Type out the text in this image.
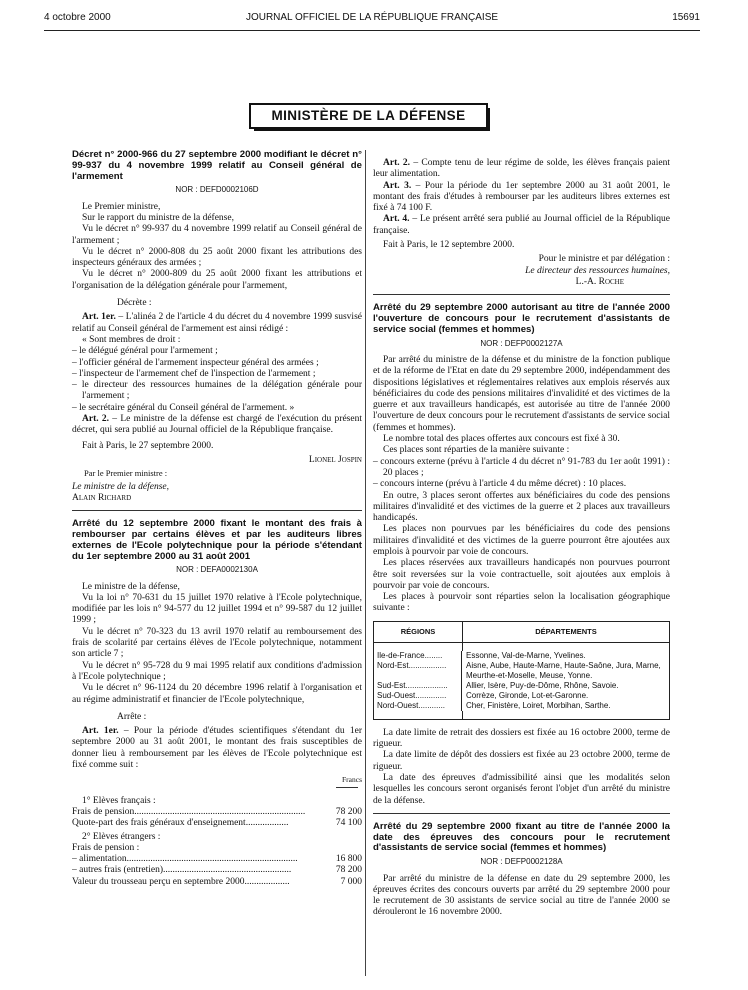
4 octobre 2000	JOURNAL OFFICIEL DE LA RÉPUBLIQUE FRANÇAISE	15691
MINISTÈRE DE LA DÉFENSE

Décret n° 2000-966 du 27 septembre 2000 modifiant le décret n° 99-937 du 4 novembre 1999 relatif au Conseil général de l'armement

NOR : DEFD0002106D

Le Premier ministre,

Sur le rapport du ministre de la défense,

Vu le décret n° 99-937 du 4 novembre 1999 relatif au Conseil général de l'armement ;

Vu le décret n° 2000-808 du 25 août 2000 fixant les attributions des inspecteurs généraux des armées ;

Vu le décret n° 2000-809 du 25 août 2000 fixant les attributions et l'organisation de la délégation générale pour l'armement,

Décrète :

Art. 1er. – L'alinéa 2 de l'article 4 du décret du 4 novembre 1999 susvisé relatif au Conseil général de l'armement est ainsi rédigé :

« Sont membres de droit :

– le délégué général pour l'armement ;

– l'officier général de l'armement inspecteur général des armées ;

– l'inspecteur de l'armement chef de l'inspection de l'armement ;

– le directeur des ressources humaines de la délégation générale pour l'armement ;

– le secrétaire général du Conseil général de l'armement. »

Art. 2. – Le ministre de la défense est chargé de l'exécution du présent décret, qui sera publié au Journal officiel de la République française.

Fait à Paris, le 27 septembre 2000.

Lionel Jospin

Par le Premier ministre :

Le ministre de la défense,

Alain Richard

Arrêté du 12 septembre 2000 fixant le montant des frais à rembourser par certains élèves et par les auditeurs libres externes de l'Ecole polytechnique pour la période s'étendant du 1er septembre 2000 au 31 août 2001

NOR : DEFA0002130A

Le ministre de la défense,

Vu la loi n° 70-631 du 15 juillet 1970 relative à l'Ecole polytechnique, modifiée par les lois n° 94-577 du 12 juillet 1994 et n° 99-587 du 12 juillet 1999 ;

Vu le décret n° 70-323 du 13 avril 1970 relatif au remboursement des frais de scolarité par certains élèves de l'Ecole polytechnique, notamment son article 7 ;

Vu le décret n° 95-728 du 9 mai 1995 relatif aux conditions d'admission à l'Ecole polytechnique ;

Vu le décret n° 96-1124 du 20 décembre 1996 relatif à l'organisation et au régime administratif et financier de l'Ecole polytechnique,

Arrête :

Art. 1er. – Pour la période d'études scientifiques s'étendant du 1er septembre 2000 au 31 août 2001, le montant des frais susceptibles de donner lieu à remboursement par les élèves de l'Ecole polytechnique est fixé comme suit :

Francs

1° Elèves français :

Frais de pension........................................................................	78 200
Quote-part des frais généraux d'enseignement..................	74 100

2° Elèves étrangers :

Frais de pension :

– alimentation........................................................................	16 800
– autres frais (entretien)......................................................	78 200
Valeur du trousseau perçu en septembre 2000...................	7 000

Art. 2. – Compte tenu de leur régime de solde, les élèves français paient leur alimentation.

Art. 3. – Pour la période du 1er septembre 2000 au 31 août 2001, le montant des frais d'études à rembourser par les auditeurs libres externes est fixé à 74 100 F.

Art. 4. – Le présent arrêté sera publié au Journal officiel de la République française.

Fait à Paris, le 12 septembre 2000.

Pour le ministre et par délégation :

Le directeur des ressources humaines,

L.-A. Roche

Arrêté du 29 septembre 2000 autorisant au titre de l'année 2000 l'ouverture de concours pour le recrutement d'assistants de service social (femmes et hommes)

NOR : DEFP0002127A

Par arrêté du ministre de la défense et du ministre de la fonction publique et de la réforme de l'Etat en date du 29 septembre 2000, indépendamment des dispositions législatives et réglementaires relatives aux emplois réservés aux bénéficiaires du code des pensions militaires d'invalidité et des victimes de la guerre et aux travailleurs handicapés, est autorisée au titre de l'année 2000 l'ouverture de deux concours pour le recrutement d'assistants de service social (femmes et hommes).

Le nombre total des places offertes aux concours est fixé à 30.

Ces places sont réparties de la manière suivante :

– concours externe (prévu à l'article 4 du décret n° 91-783 du 1er août 1991) : 20 places ;

– concours interne (prévu à l'article 4 du même décret) : 10 places.

En outre, 3 places seront offertes aux bénéficiaires du code des pensions militaires d'invalidité et des victimes de la guerre et 2 places aux travailleurs handicapés.

Les places non pourvues par les bénéficiaires du code des pensions militaires d'invalidité et des victimes de la guerre pourront être ajoutées aux emplois à pourvoir par voie de concours.

Les places réservées aux travailleurs handicapés non pourvues pourront être soit reversées sur la voie contractuelle, soit ajoutées aux emplois à pourvoir par voie de concours.

Les places à pourvoir sont réparties selon la localisation géographique suivante :

RÉGIONS	DÉPARTEMENTS
Ile-de-France........	Essonne, Val-de-Marne, Yvelines.
Nord-Est.................	Aisne, Aube, Haute-Marne, Haute-Saône, Jura, Marne, Meurthe-et-Moselle, Meuse, Yonne.
Sud-Est...................	Allier, Isère, Puy-de-Dôme, Rhône, Savoie.
Sud-Ouest..............	Corrèze, Gironde, Lot-et-Garonne.
Nord-Ouest............	Cher, Finistère, Loiret, Morbihan, Sarthe.

La date limite de retrait des dossiers est fixée au 16 octobre 2000, terme de rigueur.

La date limite de dépôt des dossiers est fixée au 23 octobre 2000, terme de rigueur.

La date des épreuves d'admissibilité ainsi que les modalités selon lesquelles les concours seront organisés feront l'objet d'un arrêté du ministre de la défense.

Arrêté du 29 septembre 2000 fixant au titre de l'année 2000 la date des épreuves des concours pour le recrutement d'assistants de service social (femmes et hommes)

NOR : DEFP0002128A

Par arrêté du ministre de la défense en date du 29 septembre 2000, les épreuves écrites des concours ouverts par arrêté du 29 septembre 2000 pour le recrutement de 30 assistants de service social au titre de l'année 2000 se dérouleront le 16 novembre 2000.
